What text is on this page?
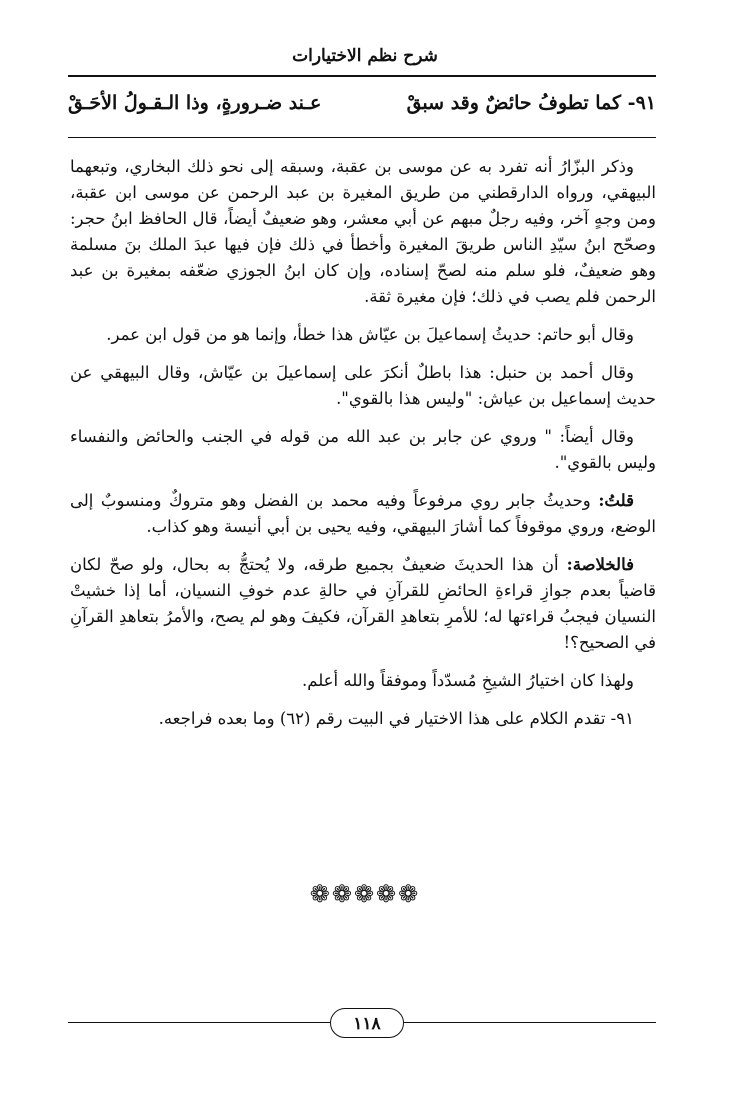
شرح نظم الاختيارات
٩١- كما تطوفُ حائضٌ وقد سبقْ
عـند ضـرورةٍ، وذا الـقـولُ الأحَـقْ

وذكر البزّارُ أنه تفرد به عن موسى بن عقبة، وسبقه إلى نحو ذلك البخاري، وتبعهما البيهقي، ورواه الدارقطني من طريق المغيرة بن عبد الرحمن عن موسى ابن عقبة، ومن وجهٍ آخر، وفيه رجلٌ مبهم عن أبي معشر، وهو ضعيفٌ أيضاً، قال الحافظ ابنُ حجر: وصحّح ابنُ سيّدِ الناس طريقَ المغيرة وأخطأ في ذلك فإن فيها عبدَ الملك بنَ مسلمة وهو ضعيفٌ، فلو سلم منه لصحّ إسناده، وإن كان ابنُ الجوزي ضعّفه بمغيرة بن عبد الرحمن فلم يصب في ذلك؛ فإن مغيرة ثقة.

وقال أبو حاتم: حديثُ إسماعيلَ بن عيّاش هذا خطأ، وإنما هو من قول ابن عمر.

وقال أحمد بن حنبل: هذا باطلٌ أنكرَ على إسماعيلَ بن عيّاش، وقال البيهقي عن حديث إسماعيل بن عياش: "وليس هذا بالقوي".

وقال أيضاً: " وروي عن جابر بن عبد الله من قوله في الجنب والحائض والنفساء وليس بالقوي".

قلتُ: وحديثُ جابر روي مرفوعاً وفيه محمد بن الفضل وهو متروكٌ ومنسوبٌ إلى الوضع، وروي موقوفاً كما أشارَ البيهقي، وفيه يحيى بن أبي أنيسة وهو كذاب.

فالخلاصة: أن هذا الحديثَ ضعيفٌ بجميع طرقه، ولا يُحتجُّ به بحال، ولو صحّ لكان قاضياً بعدم جوازِ قراءةِ الحائضِ للقرآنِ في حالةِ عدم خوفِ النسيان، أما إذا خشيتْ النسيان فيجبُ قراءتها له؛ للأمرِ بتعاهدِ القرآن، فكيفَ وهو لم يصح، والأمرُ بتعاهدِ القرآنِ في الصحيح؟!

ولهذا كان اختيارُ الشيخِ مُسدّداً وموفقاً والله أعلم.

٩١- تقدم الكلام على هذا الاختيار في البيت رقم (٦٢) وما بعده فراجعه.

❁❁❁❁❁
١١٨
